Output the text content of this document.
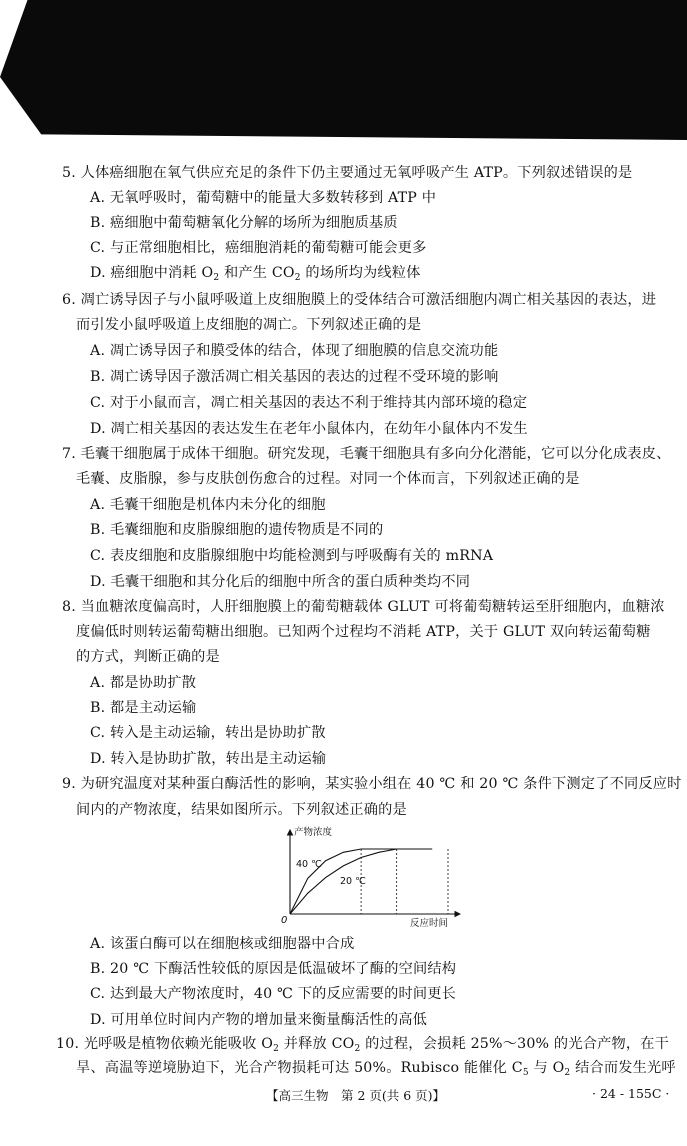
5. 人体癌细胞在氧气供应充足的条件下仍主要通过无氧呼吸产生 ATP。下列叙述错误的是
A. 无氧呼吸时，葡萄糖中的能量大多数转移到 ATP 中
B. 癌细胞中葡萄糖氧化分解的场所为细胞质基质
C. 与正常细胞相比，癌细胞消耗的葡萄糖可能会更多
D. 癌细胞中消耗 $O_2$ 和产生 $CO_2$ 的场所均为线粒体
6. 凋亡诱导因子与小鼠呼吸道上皮细胞膜上的受体结合可激活细胞内凋亡相关基因的表达，进
而引发小鼠呼吸道上皮细胞的凋亡。下列叙述正确的是
A. 凋亡诱导因子和膜受体的结合，体现了细胞膜的信息交流功能
B. 凋亡诱导因子激活凋亡相关基因的表达的过程不受环境的影响
C. 对于小鼠而言，凋亡相关基因的表达不利于维持其内部环境的稳定
D. 凋亡相关基因的表达发生在老年小鼠体内，在幼年小鼠体内不发生
7. 毛囊干细胞属于成体干细胞。研究发现，毛囊干细胞具有多向分化潜能，它可以分化成表皮、
毛囊、皮脂腺，参与皮肤创伤愈合的过程。对同一个体而言，下列叙述正确的是
A. 毛囊干细胞是机体内未分化的细胞
B. 毛囊细胞和皮脂腺细胞的遗传物质是不同的
C. 表皮细胞和皮脂腺细胞中均能检测到与呼吸酶有关的 mRNA
D. 毛囊干细胞和其分化后的细胞中所含的蛋白质种类均不同
8. 当血糖浓度偏高时，人肝细胞膜上的葡萄糖载体 GLUT 可将葡萄糖转运至肝细胞内，血糖浓
度偏低时则转运葡萄糖出细胞。已知两个过程均不消耗 ATP，关于 GLUT 双向转运葡萄糖
的方式，判断正确的是
A. 都是协助扩散
B. 都是主动运输
C. 转入是主动运输，转出是协助扩散
D. 转入是协助扩散，转出是主动运输
9. 为研究温度对某种蛋白酶活性的影响，某实验小组在 40 ℃ 和 20 ℃ 条件下测定了不同反应时
间内的产物浓度，结果如图所示。下列叙述正确的是
产物浓度
反应时间
0
40 ℃
20 ℃
A. 该蛋白酶可以在细胞核或细胞器中合成
B. 20 ℃ 下酶活性较低的原因是低温破坏了酶的空间结构
C. 达到最大产物浓度时，40 ℃ 下的反应需要的时间更长
D. 可用单位时间内产物的增加量来衡量酶活性的高低
10. 光呼吸是植物依赖光能吸收 $O_2$ 并释放 $CO_2$ 的过程，会损耗 25%～30% 的光合产物，在干
旱、高温等逆境胁迫下，光合产物损耗可达 50%。Rubisco 能催化 $C_5$ 与 $O_2$ 结合而发生光呼
【高三生物　第 2 页(共 6 页)】	· 24 - 155C ·
